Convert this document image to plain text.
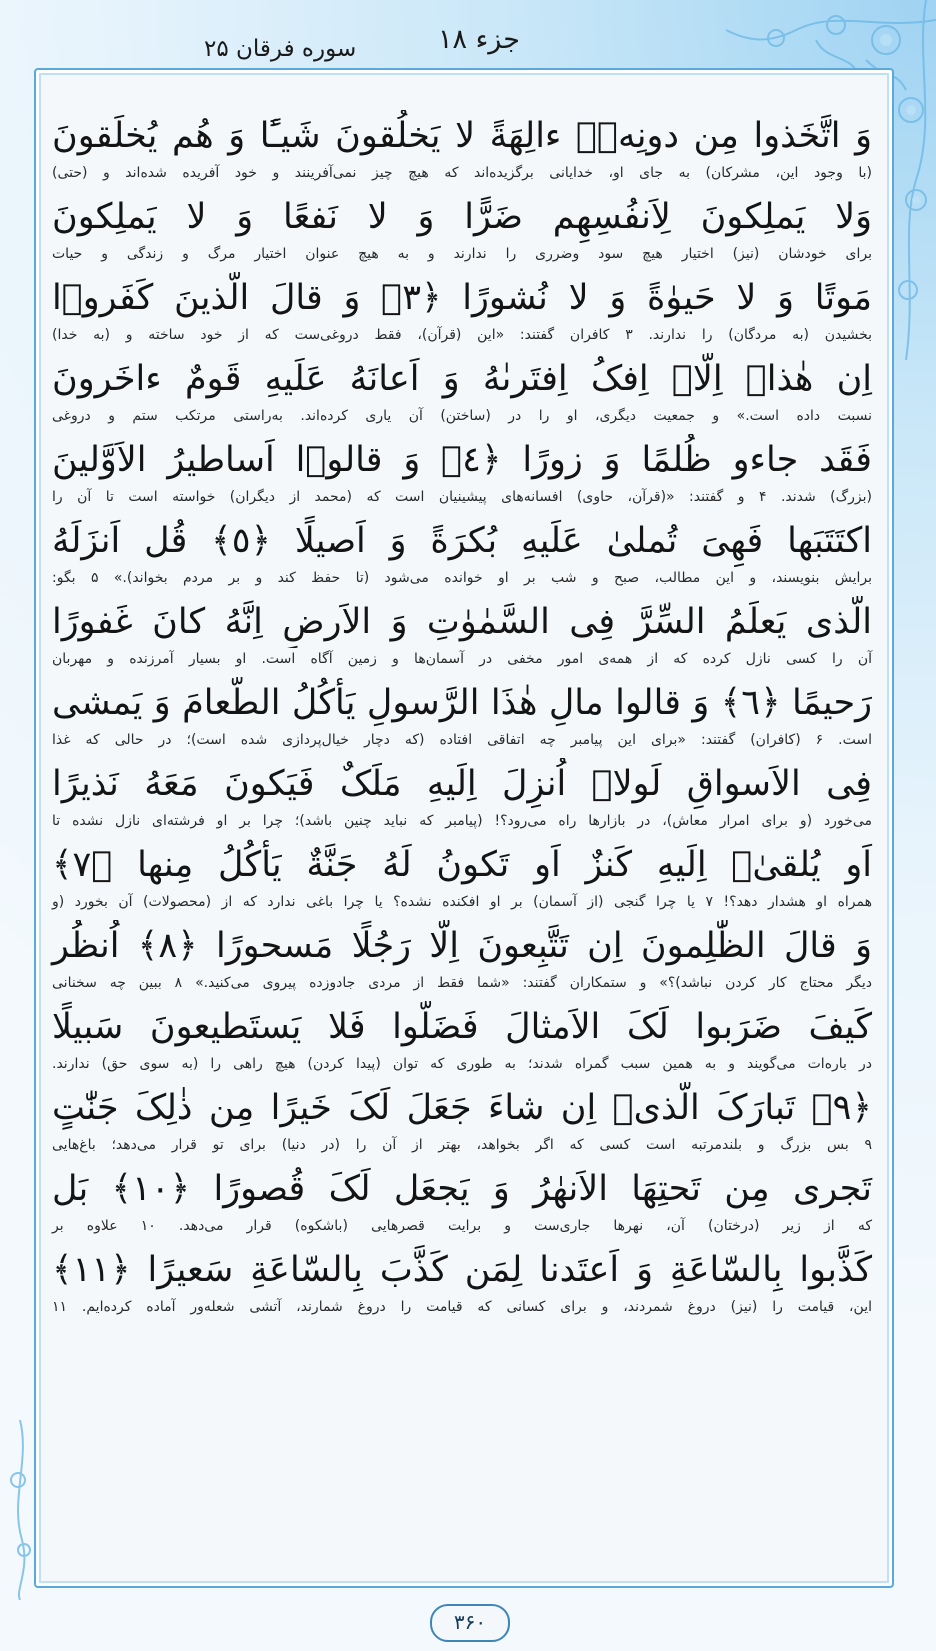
جزء ۱۸
سوره فرقان ۲۵
وَ اتَّخَذوا مِن دونِهٖۤ ءالِهَةً لا یَخلُقونَ شَیـًٔا وَ هُم یُخلَقونَ
(با وجود این، مشرکان) به جای او، خدایانی برگزیده‌اند که هیچ چیز نمی‌آفرینند و خود آفریده شده‌اند و (حتی)
وَلا یَملِکونَ لِاَنفُسِهِم ضَرًّا وَ لا نَفعًا وَ لا یَملِکونَ
برای خودشان (نیز) اختیار هیچ سود وضرری را ندارند و به هیچ عنوان اختیار مرگ و زندگی و حیات
مَوتًا وَ لا حَیوٰةً وَ لا نُشورًا ﴿٣﴾ وَ قالَ الَّذینَ کَفَروۤا
بخشیدن (به مردگان) را ندارند. ۳ کافران گفتند: «این (قرآن)، فقط دروغی‌ست که از خود ساخته و (به خدا)
اِن هٰذاۤ اِلّاۤ اِفکُ اِفتَرىٰهُ وَ اَعانَهُ عَلَیهِ قَومٌ ءاخَرونَ
نسبت داده است.» و جمعیت دیگری، او را در (ساختن) آن یاری کرده‌اند. به‌راستی مرتکب ستم و دروغی
فَقَد جاءو ظُلمًا وَ زورًا ﴿٤﴾ وَ قالوۤا اَساطیرُ الاَوَّلینَ
(بزرگ) شدند. ۴ و گفتند: «(قرآن، حاوی) افسانه‌های پیشینیان است که (محمد از دیگران) خواسته است تا آن را
اکتَتَبَها فَهِیَ تُملىٰ عَلَیهِ بُکرَةً وَ اَصیلًا ﴿٥﴾ قُل اَنزَلَهُ
برایش بنویسند، و این مطالب، صبح و شب بر او خوانده می‌شود (تا حفظ کند و بر مردم بخواند).» ۵ بگو:
الَّذی یَعلَمُ السِّرَّ فِی السَّمٰوٰتِ وَ الاَرضِ اِنَّهُ کانَ غَفورًا
آن را کسی نازل کرده که از همه‌ی امور مخفی در آسمان‌ها و زمین آگاه است. او بسیار آمرزنده و مهربان
رَحیمًا ﴿٦﴾ وَ قالوا مالِ هٰذَا الرَّسولِ یَأکُلُ الطَّعامَ وَ یَمشی
است. ۶ (کافران) گفتند: «برای این پیامبر چه اتفاقی افتاده (که دچار خیال‌پردازی شده است)؛ در حالی که غذا
فِی الاَسواقِ لَولاۤ اُنزِلَ اِلَیهِ مَلَکٌ فَیَکونَ مَعَهُ نَذیرًا
می‌خورد (و برای امرار معاش)، در بازارها راه می‌رود؟! (پیامبر که نباید چنین باشد)؛ چرا بر او فرشته‌ای نازل نشده تا
اَو یُلقىٰۤ اِلَیهِ کَنزٌ اَو تَکونُ لَهُ جَنَّةٌ یَأکُلُ مِنها ﴿٧﴾
همراه او هشدار دهد؟! ۷ یا چرا گنجی (از آسمان) بر او افکنده نشده؟ یا چرا باغی ندارد که از (محصولات) آن بخورد (و
وَ قالَ الظّٰلِمونَ اِن تَتَّبِعونَ اِلّا رَجُلًا مَسحورًا ﴿٨﴾ اُنظُر
دیگر محتاج کار کردن نباشد)؟» و ستمکاران گفتند: «شما فقط از مردی جادوزده پیروی می‌کنید.» ۸ ببین چه سخنانی
کَیفَ ضَرَبوا لَکَ الاَمثالَ فَضَلّوا فَلا یَستَطیعونَ سَبیلًا
در باره‌ات می‌گویند و به همین سبب گمراه شدند؛ به طوری که توان (پیدا کردن) هیچ راهی را (به سوی حق) ندارند.
﴿٩﴾ تَبارَکَ الَّذیۤ اِن شاءَ جَعَلَ لَکَ خَیرًا مِن ذٰلِکَ جَنّٰتٍ
۹ بس بزرگ و بلندمرتبه است کسی که اگر بخواهد، بهتر از آن را (در دنیا) برای تو قرار می‌دهد؛ باغ‌هایی
تَجری مِن تَحتِهَا الاَنهٰرُ وَ یَجعَل لَکَ قُصورًا ﴿١٠﴾ بَل
که از زیر (درختان) آن، نهرها جاری‌ست و برایت قصرهایی (باشکوه) قرار می‌دهد. ۱۰ علاوه بر
کَذَّبوا بِالسّاعَةِ وَ اَعتَدنا لِمَن کَذَّبَ بِالسّاعَةِ سَعیرًا ﴿١١﴾
این، قیامت را (نیز) دروغ شمردند، و برای کسانی که قیامت را دروغ شمارند، آتشی شعله‌ور آماده کرده‌ایم. ۱۱
۳۶۰
